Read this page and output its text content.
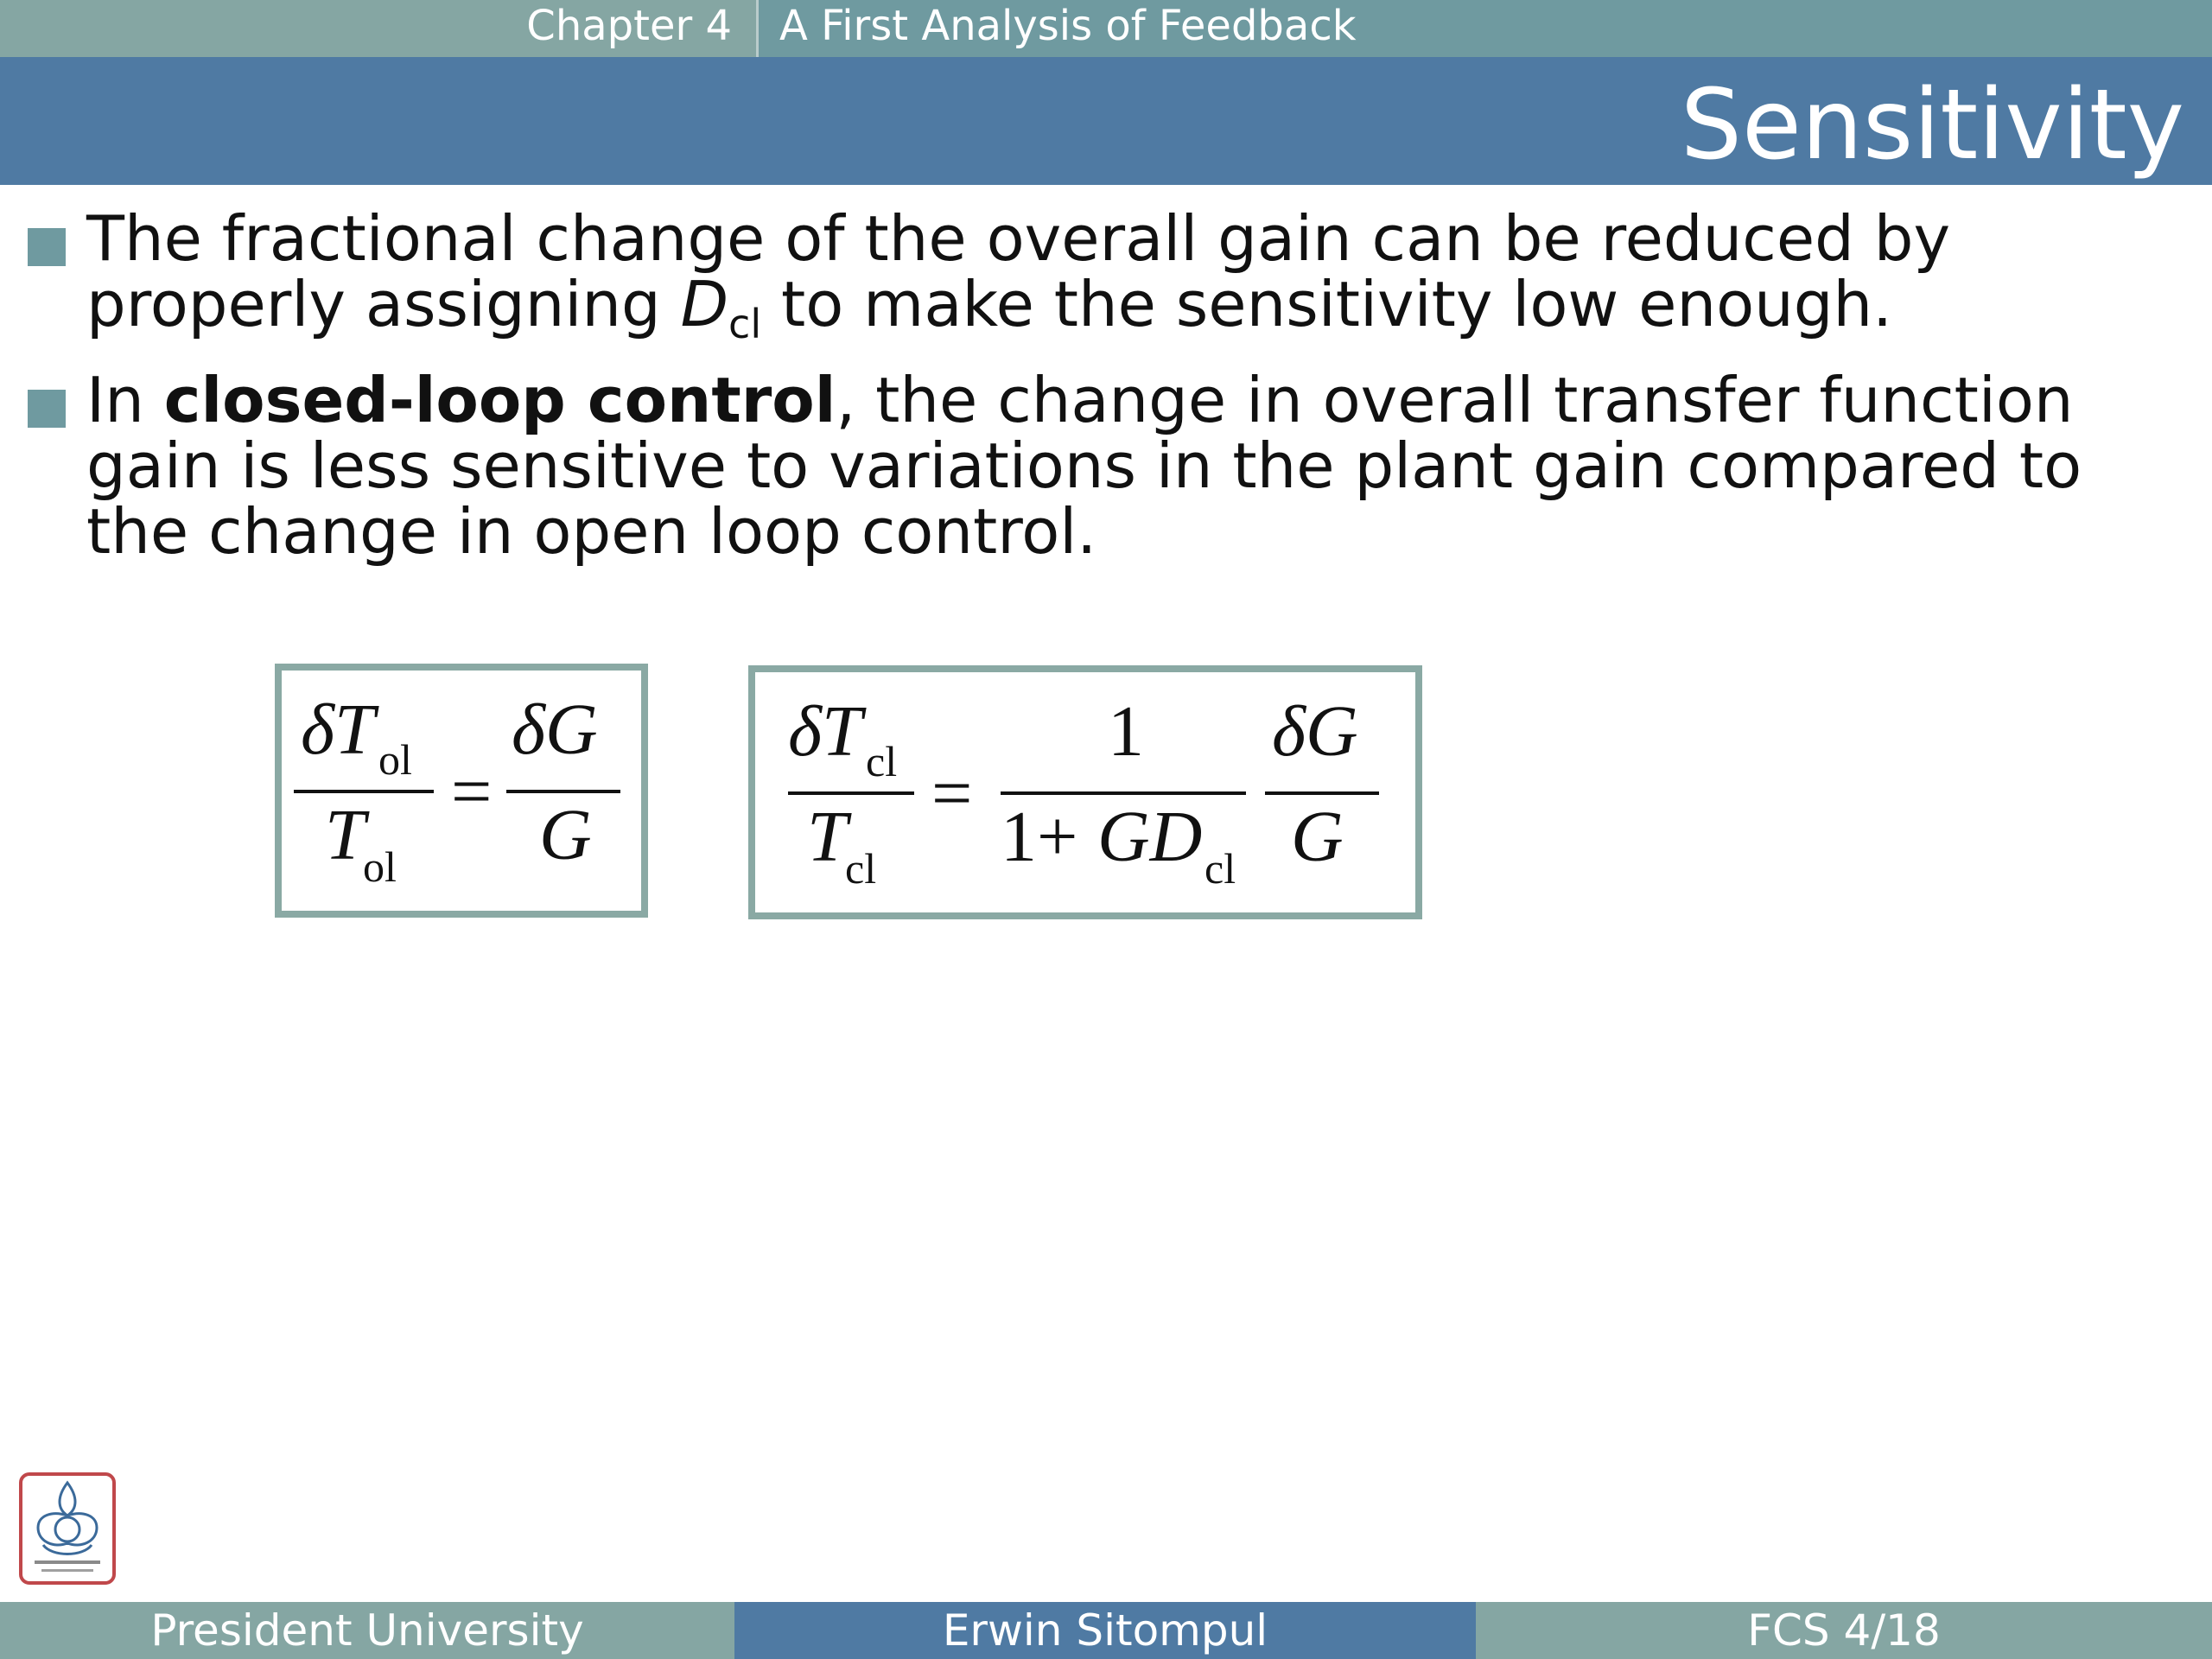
Chapter 4 A First Analysis of Feedback
Sensitivity
The fractional change of the overall gain can be reduced by properly assigning $D_{cl}$ to make the sensitivity low enough.
In closed-loop control, the change in overall transfer function gain is less sensitive to variations in the plant gain compared to the change in open loop control.
δT ol
T
ol
=
δG
G
δT cl
T
cl
=
1
1+ GD cl
δG
G
President University	Erwin Sitompul	FCS 4/18
